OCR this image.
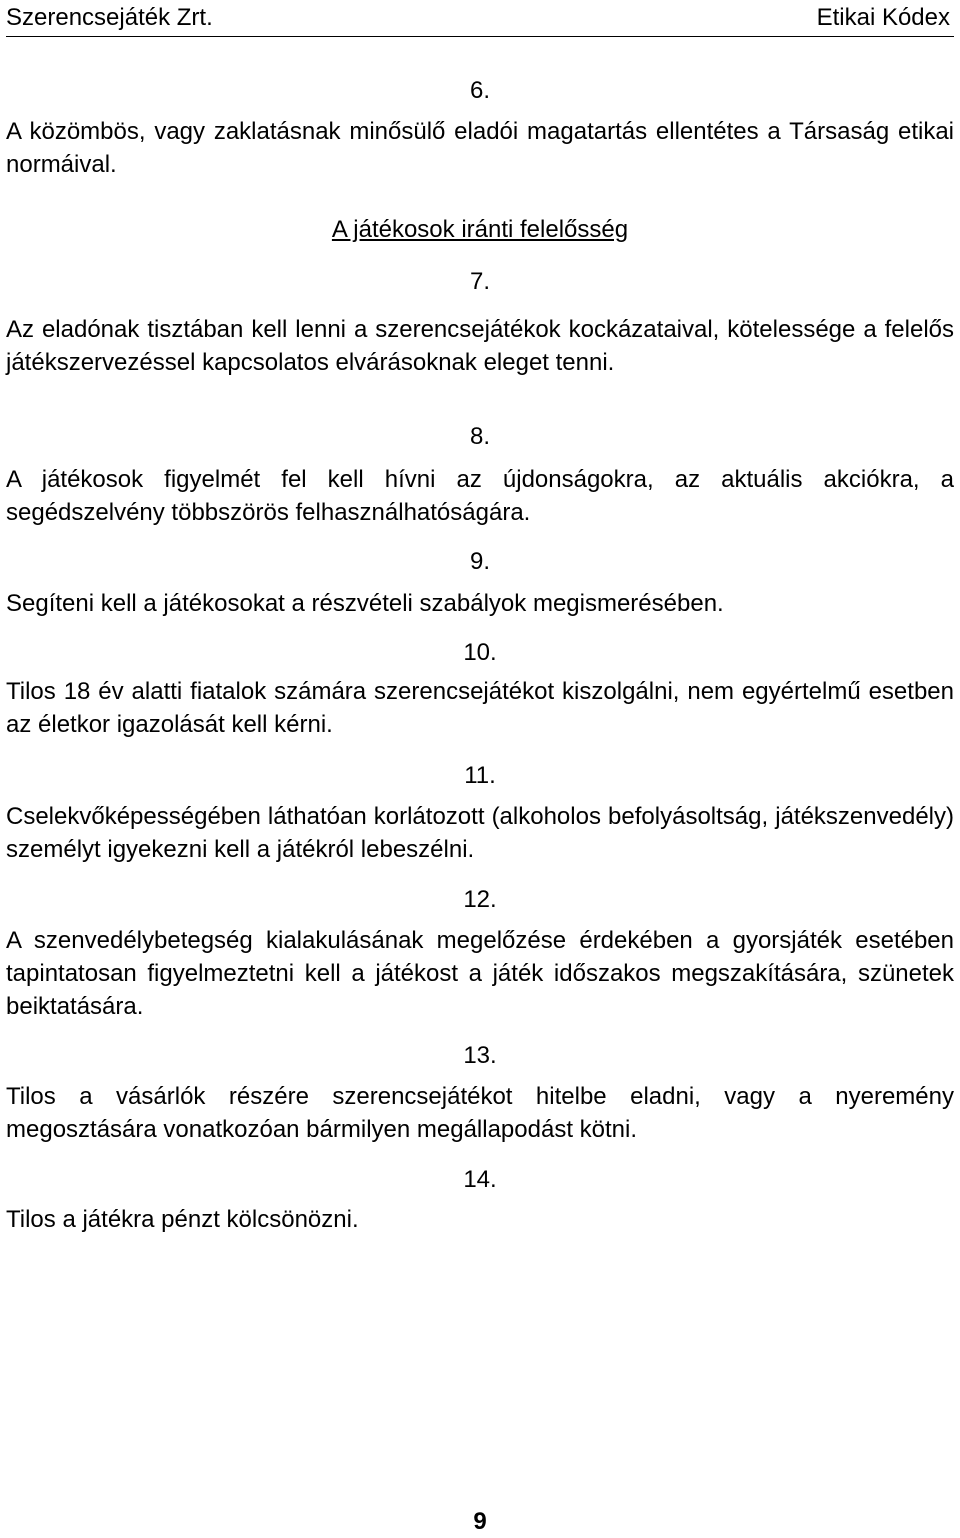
Szerencsejáték Zrt.	Etikai Kódex
6.
A közömbös, vagy zaklatásnak minősülő eladói magatartás ellentétes a Társaság etikai normáival.
A játékosok iránti felelősség
7.
Az eladónak tisztában kell lenni a szerencsejátékok kockázataival, kötelessége a felelős játékszervezéssel kapcsolatos elvárásoknak eleget tenni.
8.
A játékosok figyelmét fel kell hívni az újdonságokra, az aktuális akciókra, a segédszelvény többszörös felhasználhatóságára.
9.
Segíteni kell a játékosokat a részvételi szabályok megismerésében.
10.
Tilos 18 év alatti fiatalok számára szerencsejátékot kiszolgálni, nem egyértelmű esetben az életkor igazolását kell kérni.
11.
Cselekvőképességében láthatóan korlátozott (alkoholos befolyásoltság, játékszenvedély) személyt igyekezni kell a játékról lebeszélni.
12.
A szenvedélybetegség kialakulásának megelőzése érdekében a gyorsjáték esetében tapintatosan figyelmeztetni kell a játékost a játék időszakos megszakítására, szünetek beiktatására.
13.
Tilos a vásárlók részére szerencsejátékot hitelbe eladni, vagy a nyeremény megosztására vonatkozóan bármilyen megállapodást kötni.
14.
Tilos a játékra pénzt kölcsönözni.
9
